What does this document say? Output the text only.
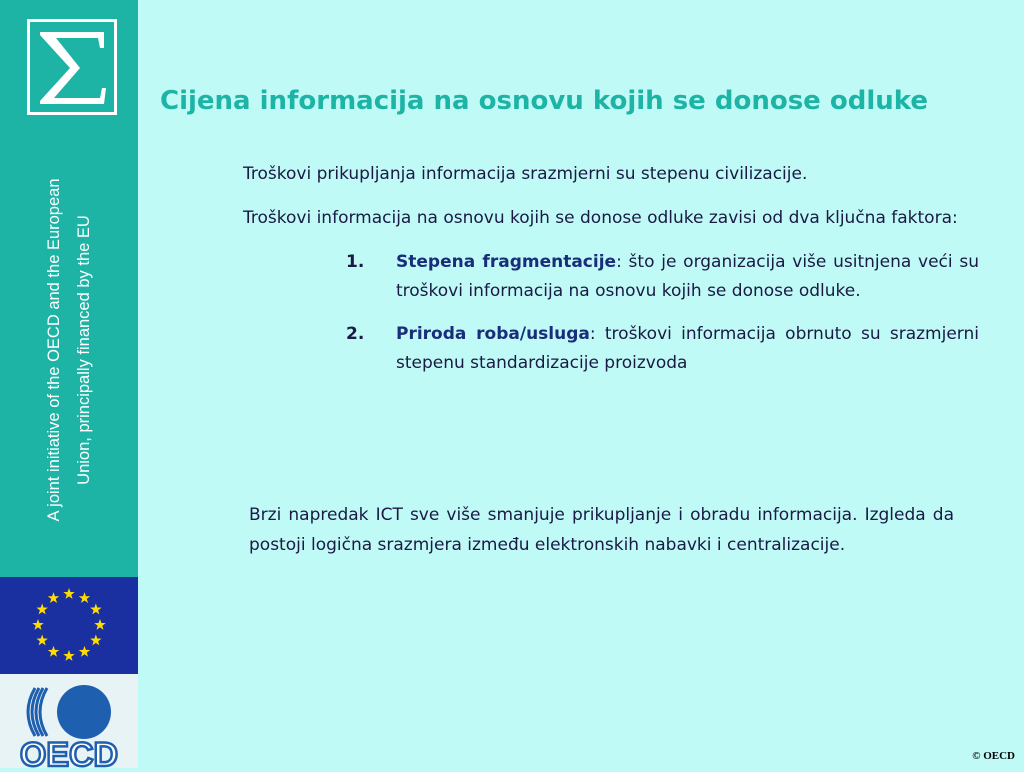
A joint initiative of the OECD and the European Union, principally financed by the EU
OECD
Cijena informacija na osnovu kojih se donose odluke

Troškovi prikupljanja informacija srazmjerni su stepenu civilizacije.

Troškovi informacija na osnovu kojih se donose odluke zavisi od dva ključna faktora:

1. Stepena fragmentacije: što je organizacija više usitnjena veći su troškovi informacija na osnovu kojih se donose odluke.
2. Priroda roba/usluga: troškovi informacija obrnuto su srazmjerni stepenu standardizacije proizvoda
Brzi napredak ICT sve više smanjuje prikupljanje i obradu informacija. Izgleda da postoji logična srazmjera između elektronskih nabavki i centralizacije.
© OECD
